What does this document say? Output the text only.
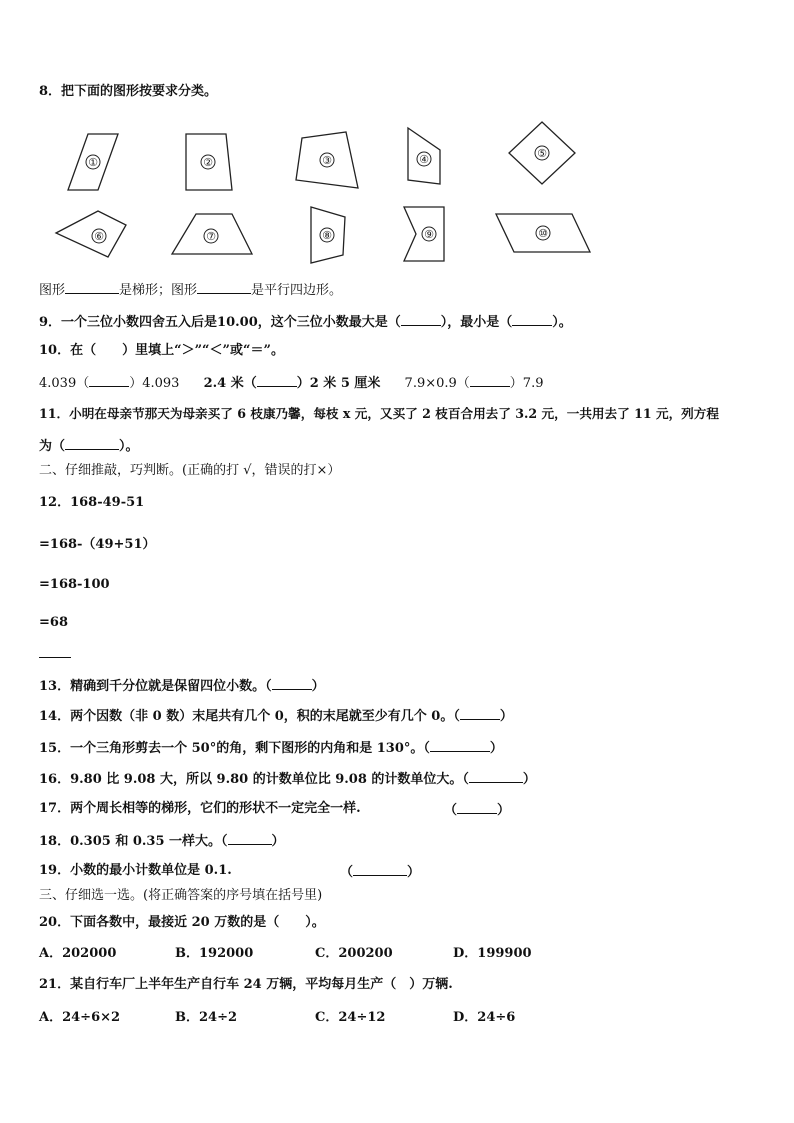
8．把下面的图形按要求分类。
①	②	③	④	⑤
⑥	⑦	⑧	⑨	⑩
图形	是梯形；图形	是平行四边形。
9．一个三位小数四舍五入后是10.00，这个三位小数最大是（	），最小是（	）。
10．在（　　）里填上“＞”“＜”或“＝”。
4.039（	）4.093 2.4 米（	）2 米 5 厘米 7.9×0.9（	）7.9
11．小明在母亲节那天为母亲买了 6 枝康乃馨，每枝 x 元，又买了 2 枝百合用去了 3.2 元，一共用去了 11 元，列方程
为（	）。
二、仔细推敲，巧判断。(正确的打 √，错误的打×）
12．168-49-51
=168-（49+51）
=168-100
=68
13．精确到千分位就是保留四位小数。（	）
14．两个因数（非 0 数）末尾共有几个 0，积的末尾就至少有几个 0。（	）
15．一个三角形剪去一个 50°的角，剩下图形的内角和是 130°。（	）
16．9.80 比 9.08 大，所以 9.80 的计数单位比 9.08 的计数单位大。（	）
17．两个周长相等的梯形，它们的形状不一定完全一样.	（	）
18．0.305 和 0.35 一样大。（	）
19．小数的最小计数单位是 0.1.	（	）
三、仔细选一选。(将正确答案的序号填在括号里)
20．下面各数中，最接近 20 万数的是（　　）。
A．202000	B．192000	C．200200	D．199900
21．某自行车厂上半年生产自行车 24 万辆，平均每月生产（　）万辆.
A．24÷6×2	B．24÷2	C．24÷12	D．24÷6
